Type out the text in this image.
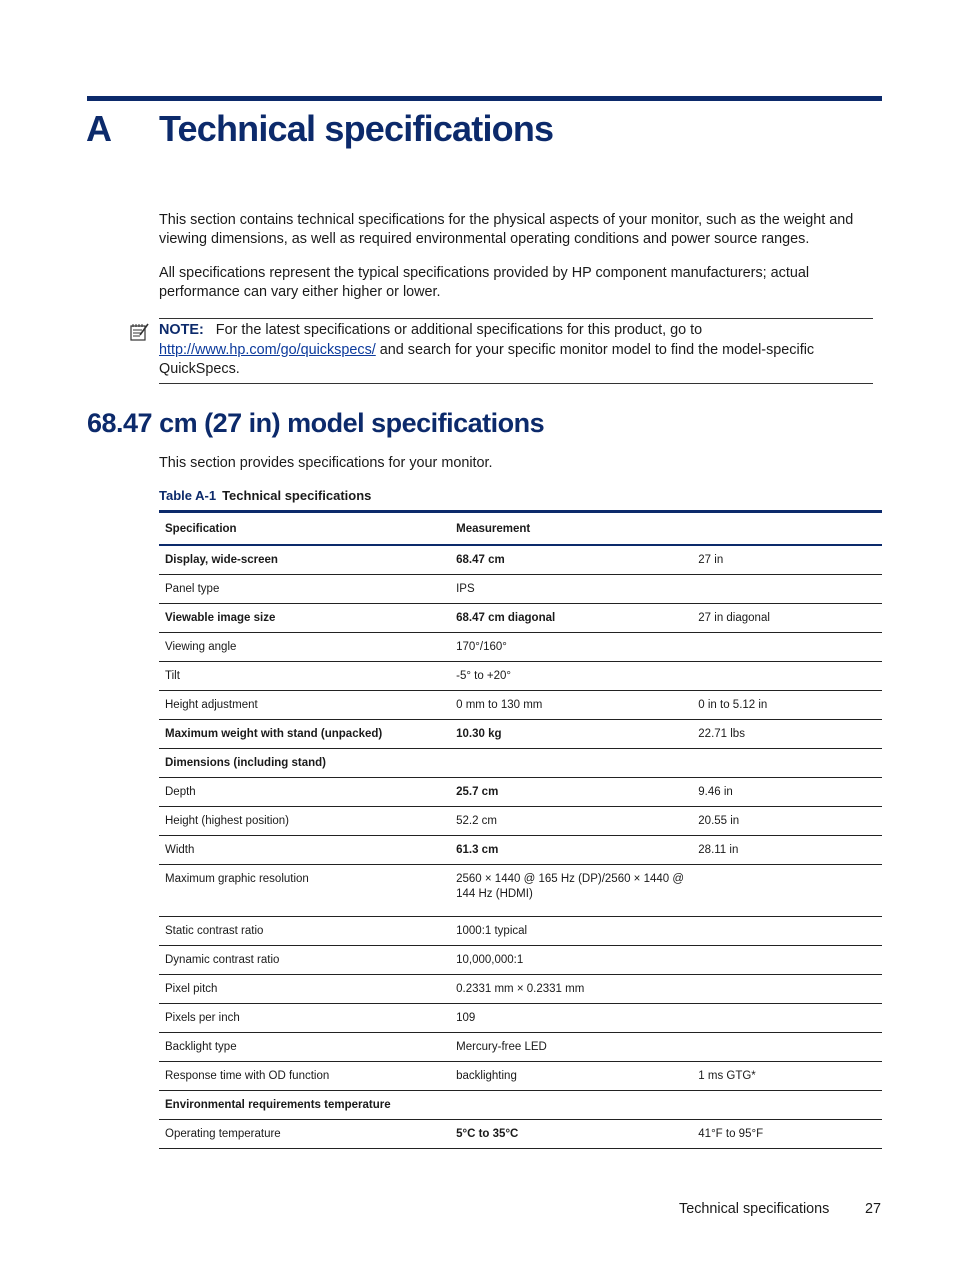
A Technical specifications
This section contains technical specifications for the physical aspects of your monitor, such as the weight and viewing dimensions, as well as required environmental operating conditions and power source ranges.
All specifications represent the typical specifications provided by HP component manufacturers; actual performance can vary either higher or lower.
NOTE: For the latest specifications or additional specifications for this product, go to http://www.hp.com/go/quickspecs/ and search for your specific monitor model to find the model-specific QuickSpecs.
68.47 cm (27 in) model specifications
This section provides specifications for your monitor.
Table A-1 Technical specifications
Specification	Measurement	
Display, wide-screen	68.47 cm	27 in
Panel type	IPS	
Viewable image size	68.47 cm diagonal	27 in diagonal
Viewing angle	170°/160°	
Tilt	-5° to +20°	
Height adjustment	0 mm to 130 mm	0 in to 5.12 in
Maximum weight with stand (unpacked)	10.30 kg	22.71 lbs
Dimensions (including stand)		
Depth	25.7 cm	9.46 in
Height (highest position)	52.2 cm	20.55 in
Width	61.3 cm	28.11 in

Maximum graphic resolution	2560 × 1440 @ 165 Hz (DP)/2560 × 1440 @
144 Hz (HDMI)	

Static contrast ratio	1000:1 typical	
Dynamic contrast ratio	10,000,000:1	
Pixel pitch	0.2331 mm × 0.2331 mm	
Pixels per inch	109	
Backlight type	Mercury-free LED	
Response time with OD function	backlighting	1 ms GTG*
Environmental requirements temperature		
Operating temperature	5°C to 35°C	41°F to 95°F
Technical specifications 27
